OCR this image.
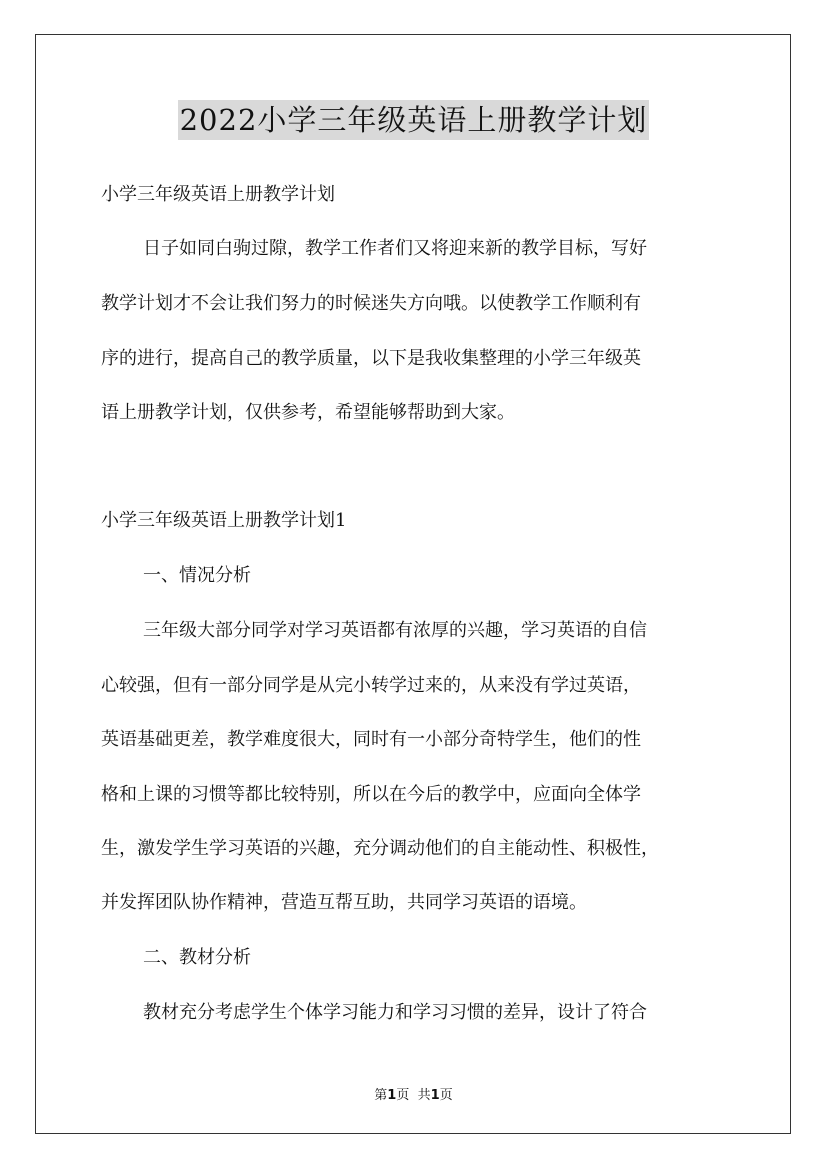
2022小学三年级英语上册教学计划
小学三年级英语上册教学计划
日子如同白驹过隙，教学工作者们又将迎来新的教学目标，写好
教学计划才不会让我们努力的时候迷失方向哦。以使教学工作顺利有
序的进行，提高自己的教学质量，以下是我收集整理的小学三年级英
语上册教学计划，仅供参考，希望能够帮助到大家。
小学三年级英语上册教学计划1
一、情况分析
三年级大部分同学对学习英语都有浓厚的兴趣，学习英语的自信
心较强，但有一部分同学是从完小转学过来的，从来没有学过英语，
英语基础更差，教学难度很大，同时有一小部分奇特学生，他们的性
格和上课的习惯等都比较特别，所以在今后的教学中，应面向全体学
生，激发学生学习英语的兴趣，充分调动他们的自主能动性、积极性，
并发挥团队协作精神，营造互帮互助，共同学习英语的语境。
二、教材分析
教材充分考虑学生个体学习能力和学习习惯的差异，设计了符合
第1页 共1页
